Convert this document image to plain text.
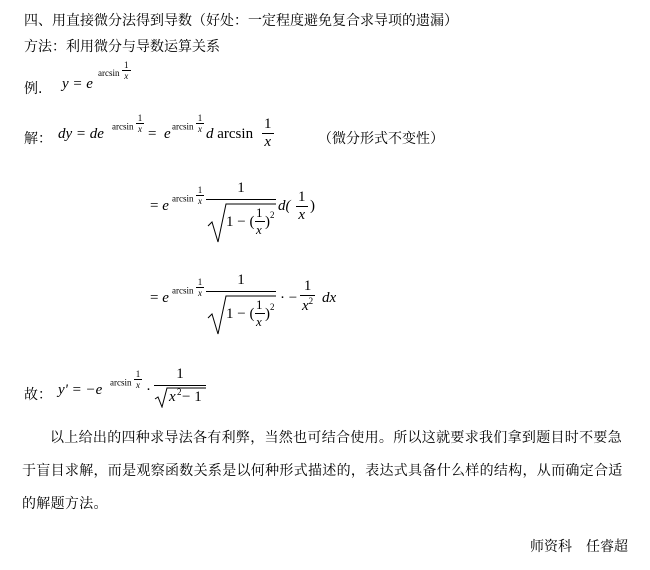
四、用直接微分法得到导数（好处：一定程度避免复合求导项的遗漏）
方法：利用微分与导数运算关系
例. y = e
$\arcsin \frac{1}{x}$
解： dy = de $\arcsin \frac{1}{x} = e$ $\arcsin \frac{1}{x}$ d $\arcsin \frac{1}{x}$	（微分形式不变性）
= e $\arcsin \frac{1}{x}$	1
1 − (
1
x ) 2
$d( \frac{1}{x}$ )
= e $\arcsin \frac{1}{x}$	1
1 − (
1
x ) 2
· − $\frac{1}{x^2}$ dx
故： y' = −e $\arcsin \frac{1}{x}$ ·
1
x 2 − 1
以上给出的四种求导法各有利弊，当然也可结合使用。所以这就要求我们拿到题目时不要急于盲目求解，而是观察函数关系是以何种形式描述的，表达式具备什么样的结构，从而确定合适的解题方法。
师资科　任睿超
